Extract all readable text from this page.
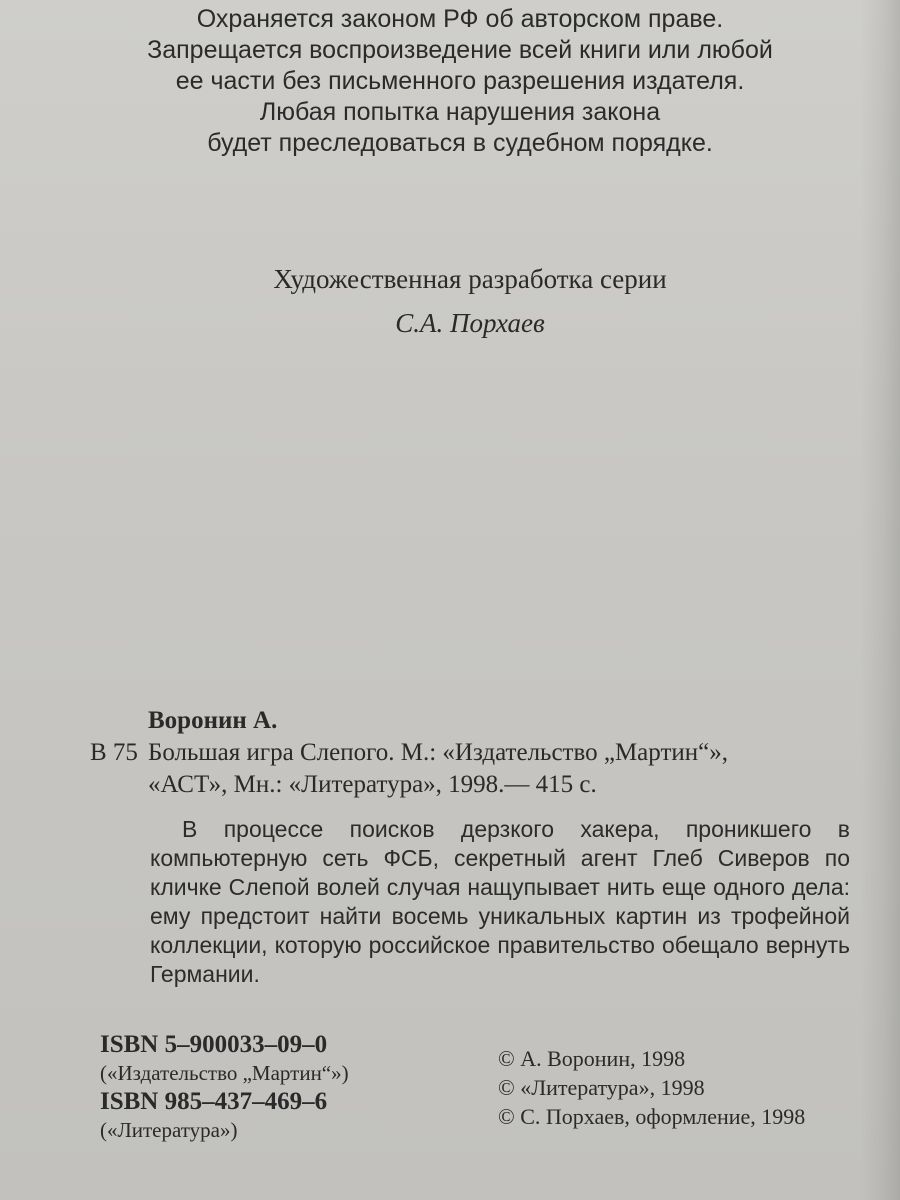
Охраняется законом РФ об авторском праве.
Запрещается воспроизведение всей книги или любой
ее части без письменного разрешения издателя.
Любая попытка нарушения закона
будет преследоваться в судебном порядке.
Художественная разработка серии
С.А. Порхаев
Воронин А.
В 75 Большая игра Слепого. М.: «Издательство „Мартин“»,
«АСТ», Мн.: «Литература», 1998.— 415 с.
В процессе поисков дерзкого хакера, проникшего в компьютерную сеть ФСБ, секретный агент Глеб Сиверов по кличке Слепой волей случая нащупывает нить еще одного дела: ему предстоит найти восемь уникальных картин из трофейной коллекции, которую российское правительство обещало вернуть Германии.
ISBN 5–900033–09–0
(«Издательство „Мартин“»)
ISBN 985–437–469–6
(«Литература»)
© А. Воронин, 1998
© «Литература», 1998
© С. Порхаев, оформление, 1998
